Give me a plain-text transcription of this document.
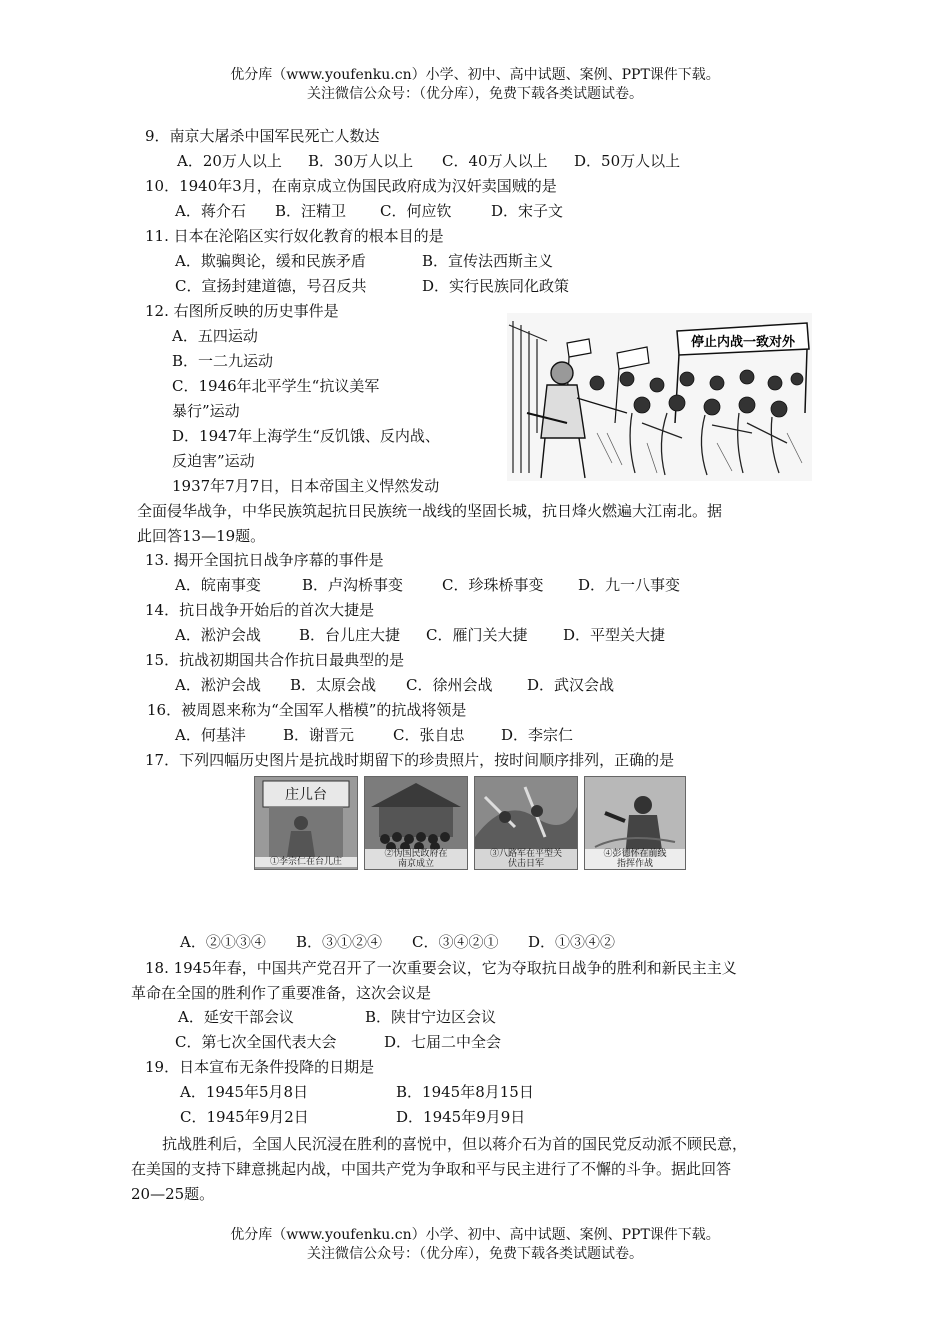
优分库（www.youfenku.cn）小学、初中、高中试题、案例、PPT课件下载。
关注微信公众号：（优分库），免费下载各类试题试卷。
9．南京大屠杀中国军民死亡人数达
A．20万人以上 B．30万人以上 C．40万人以上 D．50万人以上
10．1940年3月，在南京成立伪国民政府成为汉奸卖国贼的是
A．蒋介石 B．汪精卫 C．何应钦	D．宋子文
11. 日本在沦陷区实行奴化教育的根本目的是
A．欺骗舆论，缓和民族矛盾	B．宣传法西斯主义
C．宣扬封建道德，号召反共	D．实行民族同化政策
12. 右图所反映的历史事件是
A．五四运动
B．一二九运动
C．1946年北平学生“抗议美军
暴行”运动
D．1947年上海学生“反饥饿、反内战、
反迫害”运动
停止内战一致对外
1937年7月7日，日本帝国主义悍然发动
全面侵华战争，中华民族筑起抗日民族统一战线的坚固长城，抗日烽火燃遍大江南北。据
此回答13—19题。
13. 揭开全国抗日战争序幕的事件是
A．皖南事变	B．卢沟桥事变	C．珍珠桥事变 D．九一八事变
14．抗日战争开始后的首次大捷是
A．淞沪会战	B．台儿庄大捷 C．雁门关大捷 D．平型关大捷
15．抗战初期国共合作抗日最典型的是
A．淞沪会战 B．太原会战 C．徐州会战 D．武汉会战
16．被周恩来称为“全国军人楷模”的抗战将领是
A．何基沣 B．谢晋元	C．张自忠 D．李宗仁
17．下列四幅历史图片是抗战时期留下的珍贵照片，按时间顺序排列，正确的是
庄儿台
①李宗仁在台儿庄
②伪国民政府在
南京成立
③八路军在平型关
伏击日军
④彭德怀在前线
指挥作战
A．②①③④ B．③①②④ C．③④②① D．①③④②
18. 1945年春，中国共产党召开了一次重要会议，它为夺取抗日战争的胜利和新民主主义
革命在全国的胜利作了重要准备，这次会议是
A．延安干部会议	B．陕甘宁边区会议
C．第七次全国代表大会	D．七届二中全会
19．日本宣布无条件投降的日期是
A．1945年5月8日	B．1945年8月15日
C．1945年9月2日	D．1945年9月9日
抗战胜利后，全国人民沉浸在胜利的喜悦中，但以蒋介石为首的国民党反动派不顾民意，
在美国的支持下肆意挑起内战，中国共产党为争取和平与民主进行了不懈的斗争。据此回答
20—25题。
优分库（www.youfenku.cn）小学、初中、高中试题、案例、PPT课件下载。
关注微信公众号：（优分库），免费下载各类试题试卷。
